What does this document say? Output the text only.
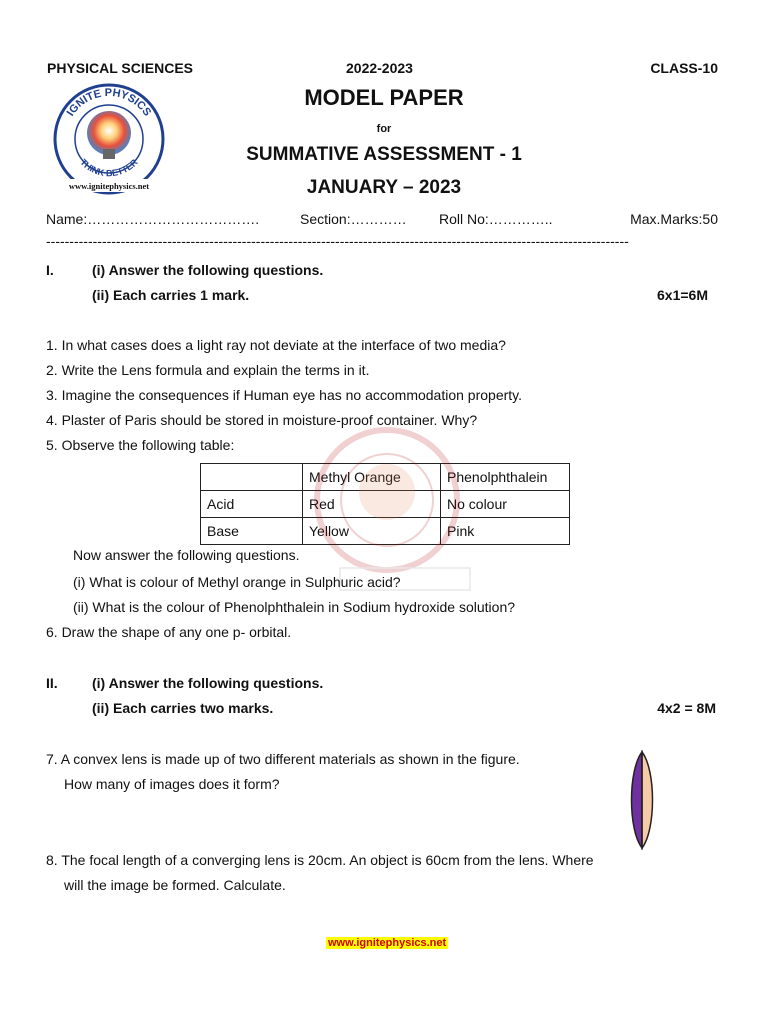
PHYSICAL SCIENCES	2022-2023	CLASS-10
IGNITE PHYSICS
THINK BETTER
www.ignitephysics.net
MODEL PAPER
for
SUMMATIVE ASSESSMENT - 1
JANUARY – 2023
Name:……………………………….	Section:………… Roll No:…………..	Max.Marks:50
-----------------------------------------------------------------------------------------------------------------------------
I.	(i) Answer the following questions.
(ii) Each carries 1 mark.	6x1=6M
1. In what cases does a light ray not deviate at the interface of two media?
2. Write the Lens formula and explain the terms in it.
3. Imagine the consequences if Human eye has no accommodation property.
4. Plaster of Paris should be stored in moisture-proof container. Why?
5. Observe the following table:
	Methyl Orange	Phenolphthalein
Acid	Red	No colour
Base	Yellow	Pink
Now answer the following questions.
(i) What is colour of Methyl orange in Sulphuric acid?
(ii) What is the colour of Phenolphthalein in Sodium hydroxide solution?
6. Draw the shape of any one p- orbital.
II. (i) Answer the following questions.
(ii) Each carries two marks.	4x2 = 8M
7. A convex lens is made up of two different materials as shown in the figure.
How many of images does it form?
8. The focal length of a converging lens is 20cm. An object is 60cm from the lens. Where
will the image be formed. Calculate.
www.ignitephysics.net
